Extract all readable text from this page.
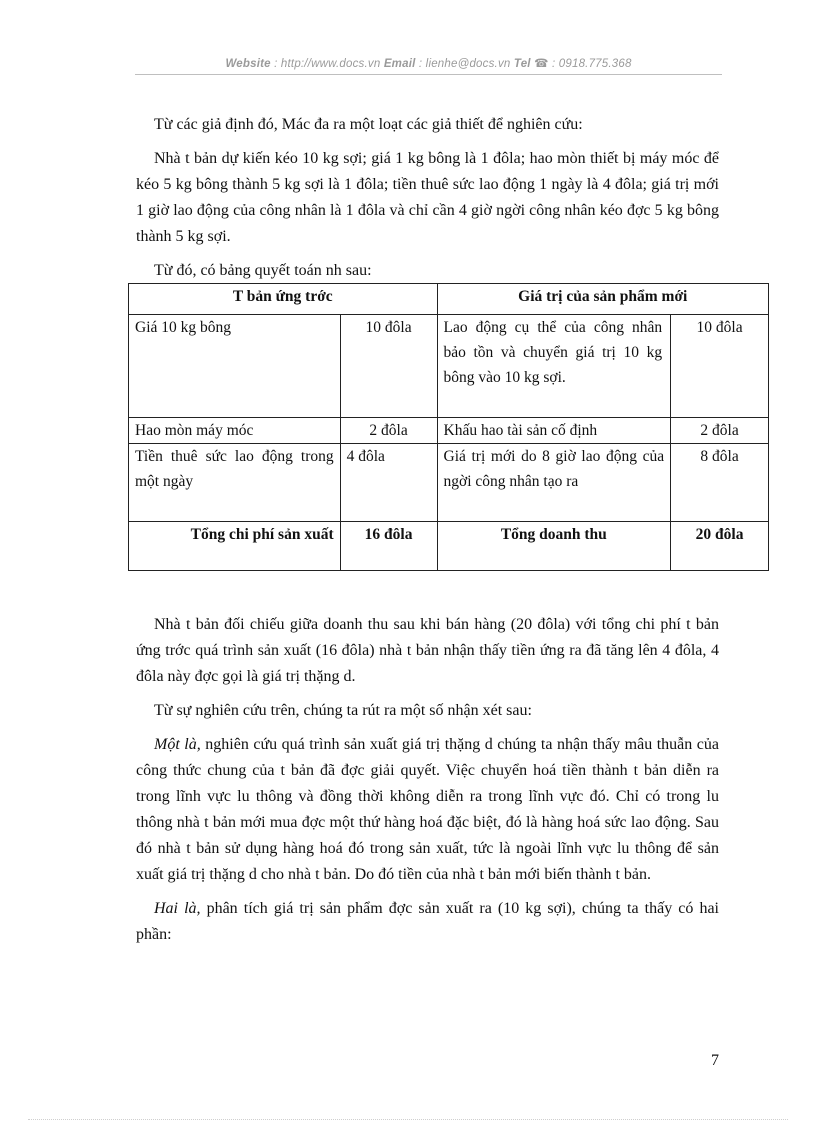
Website : http://www.docs.vn Email : lienhe@docs.vn Tel ☎ : 0918.775.368

Từ các giả định đó, Mác đa ra một loạt các giả thiết để nghiên cứu:

Nhà t bản dự kiến kéo 10 kg sợi; giá 1 kg bông là 1 đôla; hao mòn thiết bị máy móc để kéo 5 kg bông thành 5 kg sợi là 1 đôla; tiền thuê sức lao động 1 ngày là 4 đôla; giá trị mới 1 giờ lao động của công nhân là 1 đôla và chỉ cần 4 giờ ngời công nhân kéo đợc 5 kg bông thành 5 kg sợi.

Từ đó, có bảng quyết toán nh sau:

T bản ứng trớc		Giá trị của sản phẩm mới	
Giá 10 kg bông	10 đôla	Lao động cụ thể của công nhân bảo tồn và chuyển giá trị 10 kg bông vào 10 kg sợi.	10 đôla
Hao mòn máy móc	2 đôla	Khấu hao tài sản cố định	2 đôla
Tiền thuê sức lao động trong một ngày	4 đôla	Giá trị mới do 8 giờ lao động của ngời công nhân tạo ra	8 đôla
Tổng chi phí sản xuất	16 đôla	Tổng doanh thu	20 đôla

Nhà t bản đối chiếu giữa doanh thu sau khi bán hàng (20 đôla) với tổng chi phí t bản ứng trớc quá trình sản xuất (16 đôla) nhà t bản nhận thấy tiền ứng ra đã tăng lên 4 đôla, 4 đôla này đợc gọi là giá trị thặng d.

Từ sự nghiên cứu trên, chúng ta rút ra một số nhận xét sau:

Một là, nghiên cứu quá trình sản xuất giá trị thặng d chúng ta nhận thấy mâu thuẫn của công thức chung của t bản đã đợc giải quyết. Việc chuyển hoá tiền thành t bản diễn ra trong lĩnh vực lu thông và đồng thời không diễn ra trong lĩnh vực đó. Chỉ có trong lu thông nhà t bản mới mua đợc một thứ hàng hoá đặc biệt, đó là hàng hoá sức lao động. Sau đó nhà t bản sử dụng hàng hoá đó trong sản xuất, tức là ngoài lĩnh vực lu thông để sản xuất giá trị thặng d cho nhà t bản. Do đó tiền của nhà t bản mới biến thành t bản.

Hai là, phân tích giá trị sản phẩm đợc sản xuất ra (10 kg sợi), chúng ta thấy có hai phần:

7
